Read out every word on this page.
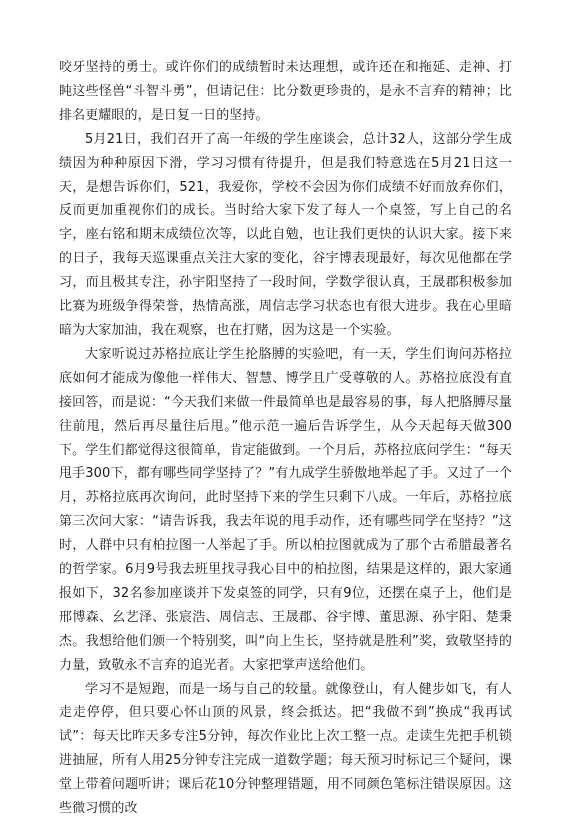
咬牙坚持的勇士。或许你们的成绩暂时未达理想，或许还在和拖延、走神、打盹这些怪兽“斗智斗勇”，但请记住：比分数更珍贵的，是永不言弃的精神；比排名更耀眼的，是日复一日的坚持。

5月21日，我们召开了高一年级的学生座谈会，总计32人，这部分学生成绩因为种种原因下滑，学习习惯有待提升，但是我们特意选在5月21日这一天，是想告诉你们，521，我爱你，学校不会因为你们成绩不好而放弃你们，反而更加重视你们的成长。当时给大家下发了每人一个桌签，写上自己的名字，座右铭和期末成绩位次等，以此自勉，也让我们更快的认识大家。接下来的日子，我每天巡课重点关注大家的变化，谷宇博表现最好，每次见他都在学习，而且极其专注，孙宇阳坚持了一段时间，学数学很认真，王晟郡积极参加比赛为班级争得荣誉，热情高涨，周信志学习状态也有很大进步。我在心里暗暗为大家加油，我在观察，也在打赌，因为这是一个实验。

大家听说过苏格拉底让学生抡胳膊的实验吧，有一天，学生们询问苏格拉底如何才能成为像他一样伟大、智慧、博学且广受尊敬的人。苏格拉底没有直接回答，而是说：“今天我们来做一件最简单也是最容易的事，每人把胳膊尽量往前甩，然后再尽量往后甩。”他示范一遍后告诉学生，从今天起每天做300下。学生们都觉得这很简单，肯定能做到。一个月后，苏格拉底问学生：“每天甩手300下，都有哪些同学坚持了？”有九成学生骄傲地举起了手。又过了一个月，苏格拉底再次询问，此时坚持下来的学生只剩下八成。一年后，苏格拉底第三次问大家：“请告诉我，我去年说的甩手动作，还有哪些同学在坚持？”这时，人群中只有柏拉图一人举起了手。所以柏拉图就成为了那个古希腊最著名的哲学家。6月9号我去班里找寻我心目中的柏拉图，结果是这样的，跟大家通报如下，32名参加座谈并下发桌签的同学，只有9位，还摆在桌子上，他们是邢博森、幺艺泽、张宸浩、周信志、王晟郡、谷宇博、董思源、孙宇阳、楚秉杰。我想给他们颁一个特别奖，叫“向上生长，坚持就是胜利”奖，致敬坚持的力量，致敬永不言弃的追光者。大家把掌声送给他们。

学习不是短跑，而是一场与自己的较量。就像登山，有人健步如飞，有人走走停停，但只要心怀山顶的风景，终会抵达。把“我做不到”换成“我再试试”：每天比昨天多专注5分钟，每次作业比上次工整一点。走读生先把手机锁进抽屉，所有人用25分钟专注完成一道数学题；每天预习时标记三个疑问，课堂上带着问题听讲；课后花10分钟整理错题，用不同颜色笔标注错误原因。这些微习惯的改
